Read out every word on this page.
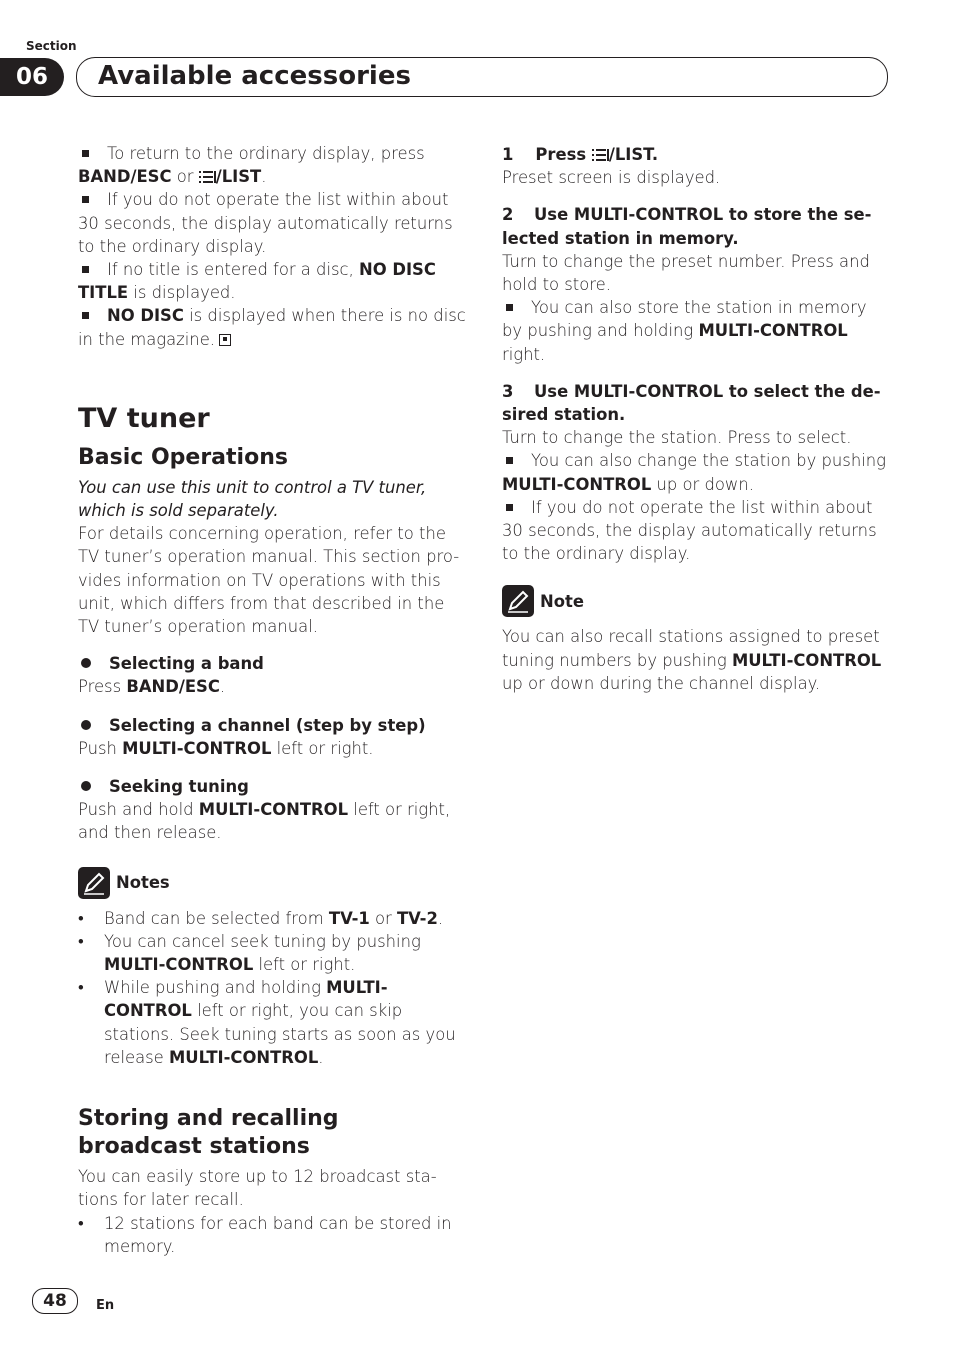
Section
06	Available accessories

To return to the ordinary display, press
BAND/ESC or /LIST.

If you do not operate the list within about 30 seconds, the display automatically returns to the ordinary display.

If no title is entered for a disc, NO DISC TITLE is displayed.

NO DISC is displayed when there is no disc in the magazine.

TV tuner
Basic Operations

You can use this unit to control a TV tuner, which is sold separately.

For details concerning operation, refer to the TV tuner’s operation manual. This section pro- vides information on TV operations with this unit, which differs from that described in the TV tuner’s operation manual.

Selecting a band

Press BAND/ESC.

Selecting a channel (step by step)

Push MULTI-CONTROL left or right.

Seeking tuning

Push and hold MULTI-CONTROL left or right, and then release.

Notes
•	Band can be selected from TV-1 or TV-2.
•	You can cancel seek tuning by pushing MULTI-CONTROL left or right.
•	While pushing and holding MULTI-CONTROL left or right, you can skip stations. Seek tuning starts as soon as you release MULTI-CONTROL.
Storing and recalling broadcast stations

You can easily store up to 12 broadcast sta- tions for later recall.

•	12 stations for each band can be stored in memory.
1 Press /LIST.

Preset screen is displayed.

2	Use MULTI-CONTROL to store the se- lected station in memory.

Turn to change the preset number. Press and hold to store.

You can also store the station in memory by pushing and holding MULTI-CONTROL right.

3	Use MULTI-CONTROL to select the de- sired station.

Turn to change the station. Press to select.

You can also change the station by pushing MULTI-CONTROL up or down.

If you do not operate the list within about 30 seconds, the display automatically returns to the ordinary display.

Note

You can also recall stations assigned to preset tuning numbers by pushing MULTI-CONTROL up or down during the channel display.

48	En
